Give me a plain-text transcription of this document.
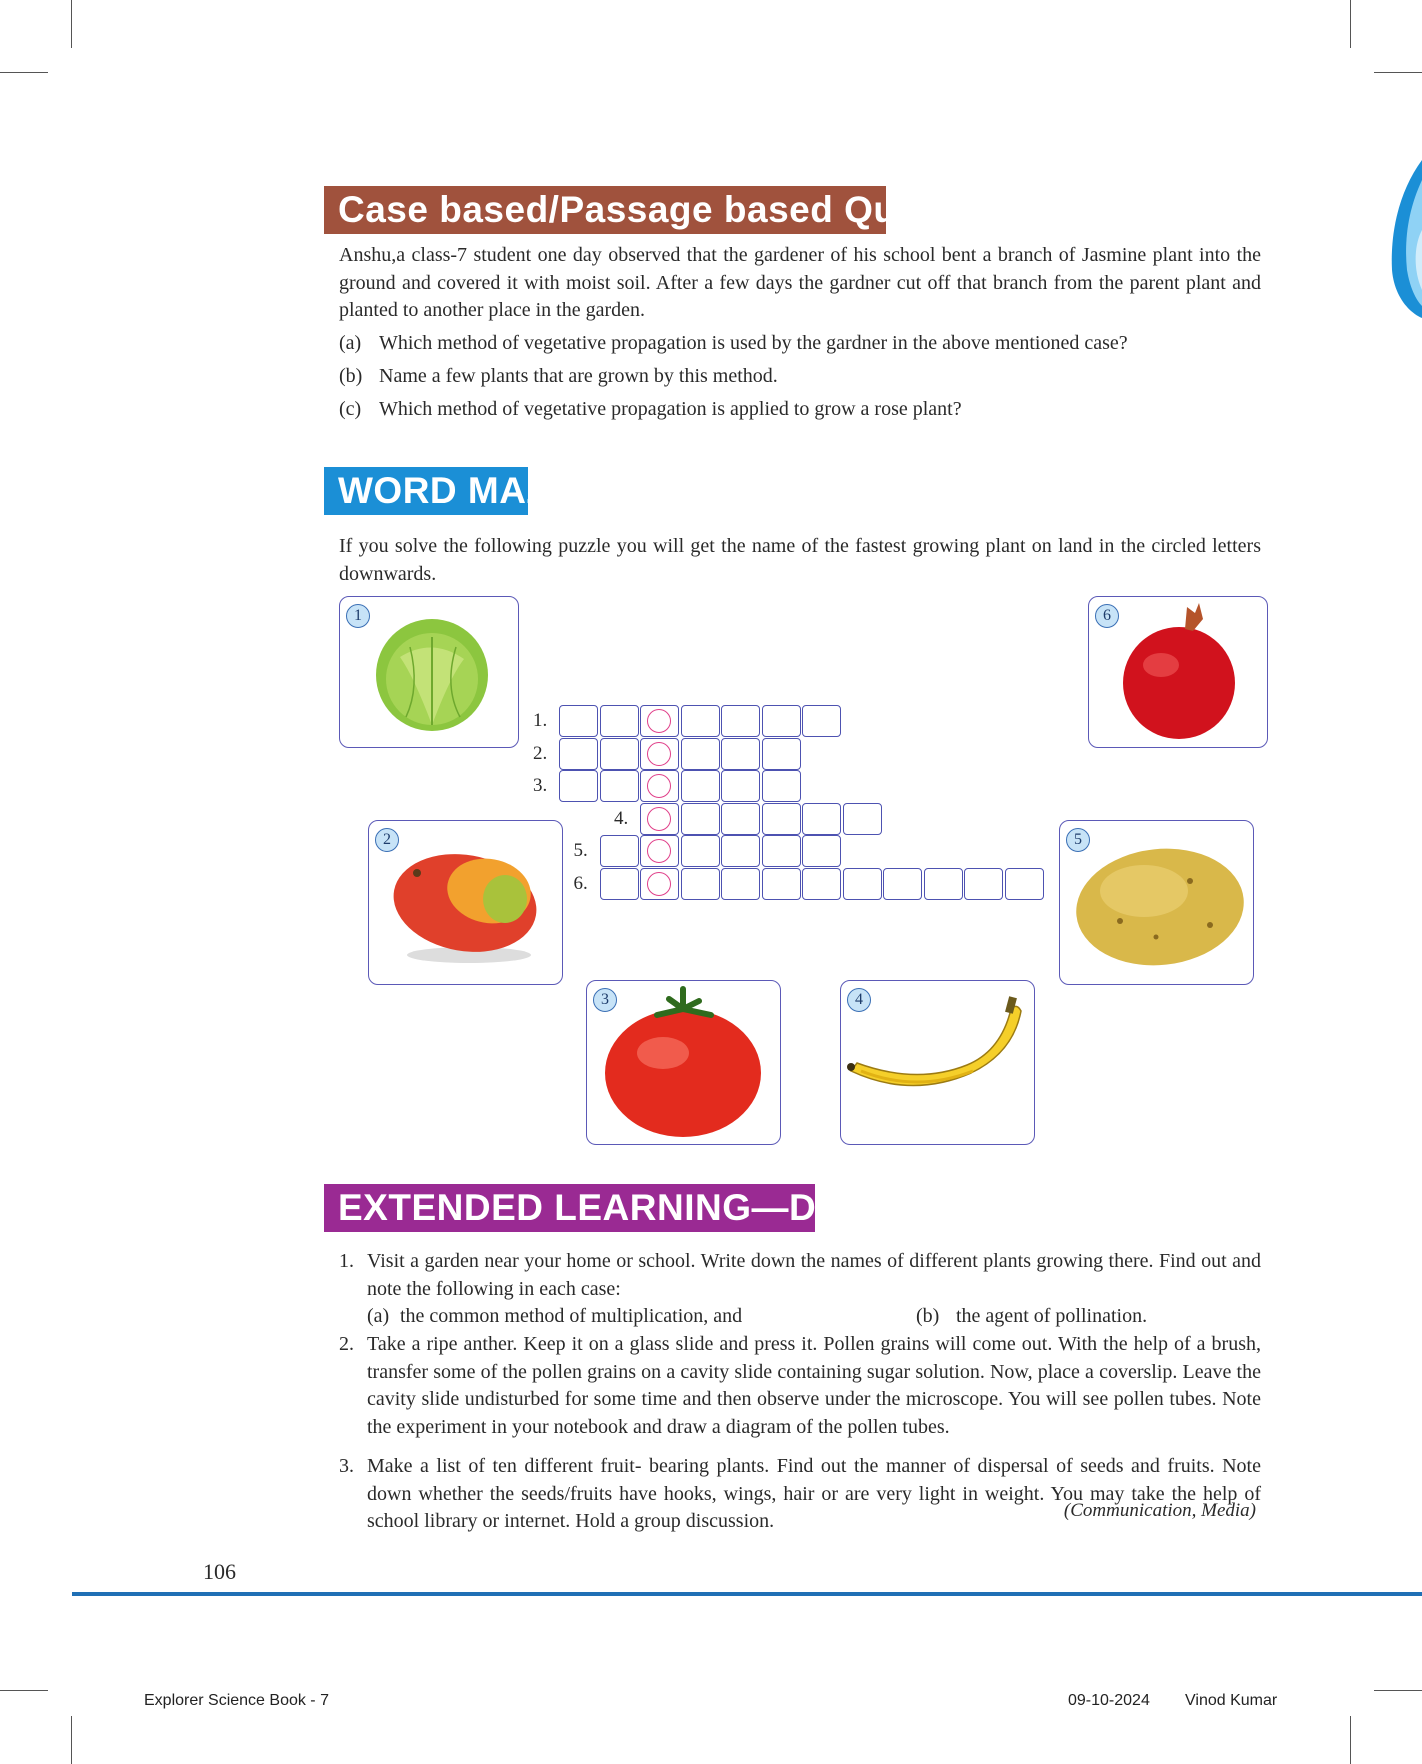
Case based/Passage based Questions
Anshu,a class-7 student one day observed that the gardener of his school bent a branch of Jasmine plant into the ground and covered it with moist soil. After a few days the gardner cut off that branch from the parent plant and planted to another place in the garden.
(a) Which method of vegetative propagation is used by the gardner in the above mentioned case?
(b) Name a few plants that are grown by this method.
(c) Which method of vegetative propagation is applied to grow a rose plant?
WORD MAZE
If you solve the following puzzle you will get the name of the fastest growing plant on land in the circled letters downwards.
1
2
3	4
5
6
1.
2.
3.
4.
5.
6.
EXTENDED LEARNING—DO TIME
1. Visit a garden near your home or school. Write down the names of different plants growing there. Find out and note the following in each case:
(a) the common method of multiplication, and	(b) the agent of pollination.
2. Take a ripe anther. Keep it on a glass slide and press it. Pollen grains will come out. With the help of a brush, transfer some of the pollen grains on a cavity slide containing sugar solution. Now, place a coverslip. Leave the cavity slide undisturbed for some time and then observe under the microscope. You will see pollen tubes. Note the experiment in your notebook and draw a diagram of the pollen tubes.
3. Make a list of ten different fruit- bearing plants. Find out the manner of dispersal of seeds and fruits. Note down whether the seeds/fruits have hooks, wings, hair or are very light in weight. You may take the help of school library or internet. Hold a group discussion.	(Communication, Media)
106
Explorer Science Book - 7	09-10-2024 Vinod Kumar
